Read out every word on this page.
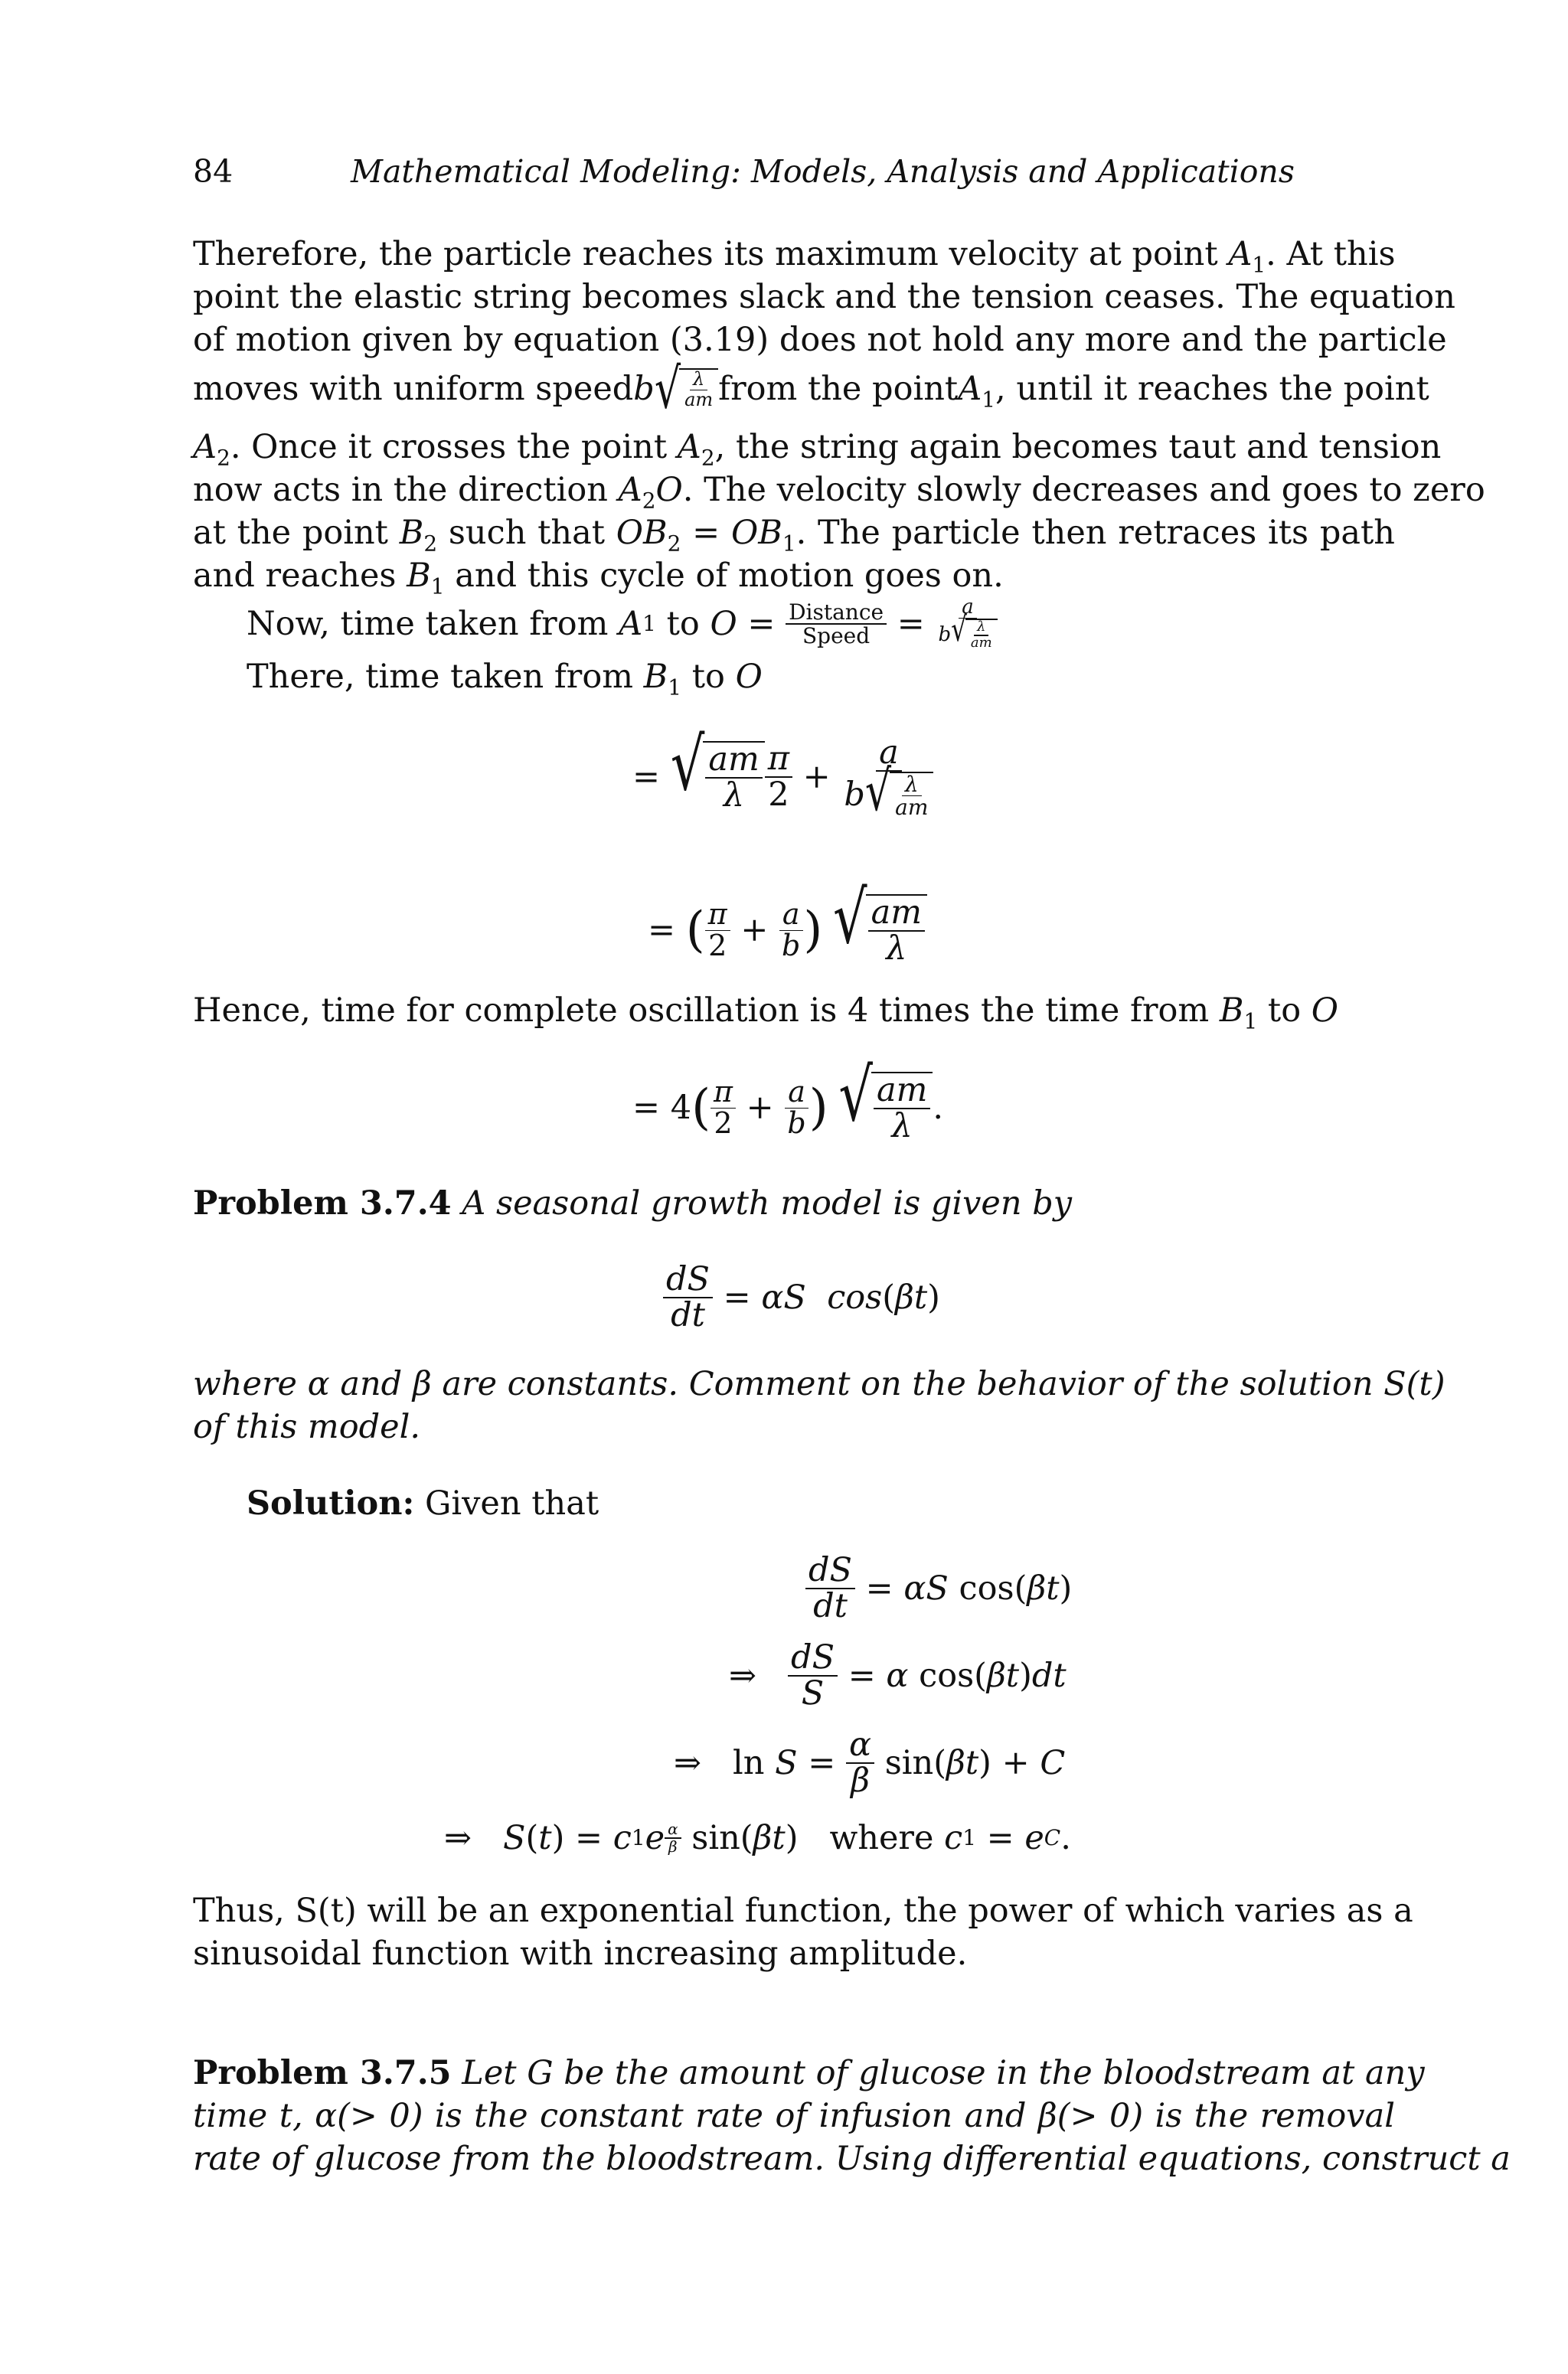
84	Mathematical Modeling: Models, Analysis and Applications
Therefore, the particle reaches its maximum velocity at point $A_1$. At this
point the elastic string becomes slack and the tension ceases. The equation
of motion given by equation (3.19) does not hold any more and the particle
moves with uniform speed b √ $\frac{\lambda}{am}$ from the point $A_1$, until it reaches the point
$A_2$. Once it crosses the point $A_2$, the string again becomes taut and tension
now acts in the direction $A_2O$. The velocity slowly decreases and goes to zero
at the point $B_2$ such that $OB_2 = OB_1$. The particle then retraces its path
and reaches $B_1$ and this cycle of motion goes on.
Now, time taken from
A 1
to
$O = \frac{\text{Distance}}{\text{Speed}} = \frac{a}{b √ \frac{\lambda}{am}}$
There, time taken from $B_1$ to O
= √ $\frac{am}{\lambda} \frac{\pi}{2} + \frac{a}{b √ \frac{\lambda}{am}}$
= ( $\frac{\pi}{2} + \frac{a}{b}$ )
√ $\frac{am}{\lambda}$
Hence, time for complete oscillation is 4 times the time from $B_1$ to O
= 4 ( $\frac{\pi}{2} + \frac{a}{b}$ )
√ $\frac{am}{\lambda}$ .
Problem 3.7.4 A seasonal growth model is given by
$\frac{dS}{dt} = \alpha S$
cos ( βt )
where α and β are constants. Comment on the behavior of the solution S(t)
of this model.
Solution: Given that
$\frac{dS}{dt} = \alpha S$ cos( βt )
⇒ $\frac{dS}{S} = \alpha$ cos( βt ) dt
⇒   $\ln S = \frac{\alpha}{\beta} \sin$( βt ) + C
⇒ S ( t ) = c 1 e $\frac{\alpha}{\beta} \sin$( βt ) where
c 1 = e C .
Thus, S(t) will be an exponential function, the power of which varies as a
sinusoidal function with increasing amplitude.
Problem 3.7.5 Let G be the amount of glucose in the bloodstream at any
time t, α(> 0) is the constant rate of infusion and β(> 0) is the removal
rate of glucose from the bloodstream. Using differential equations, construct a
